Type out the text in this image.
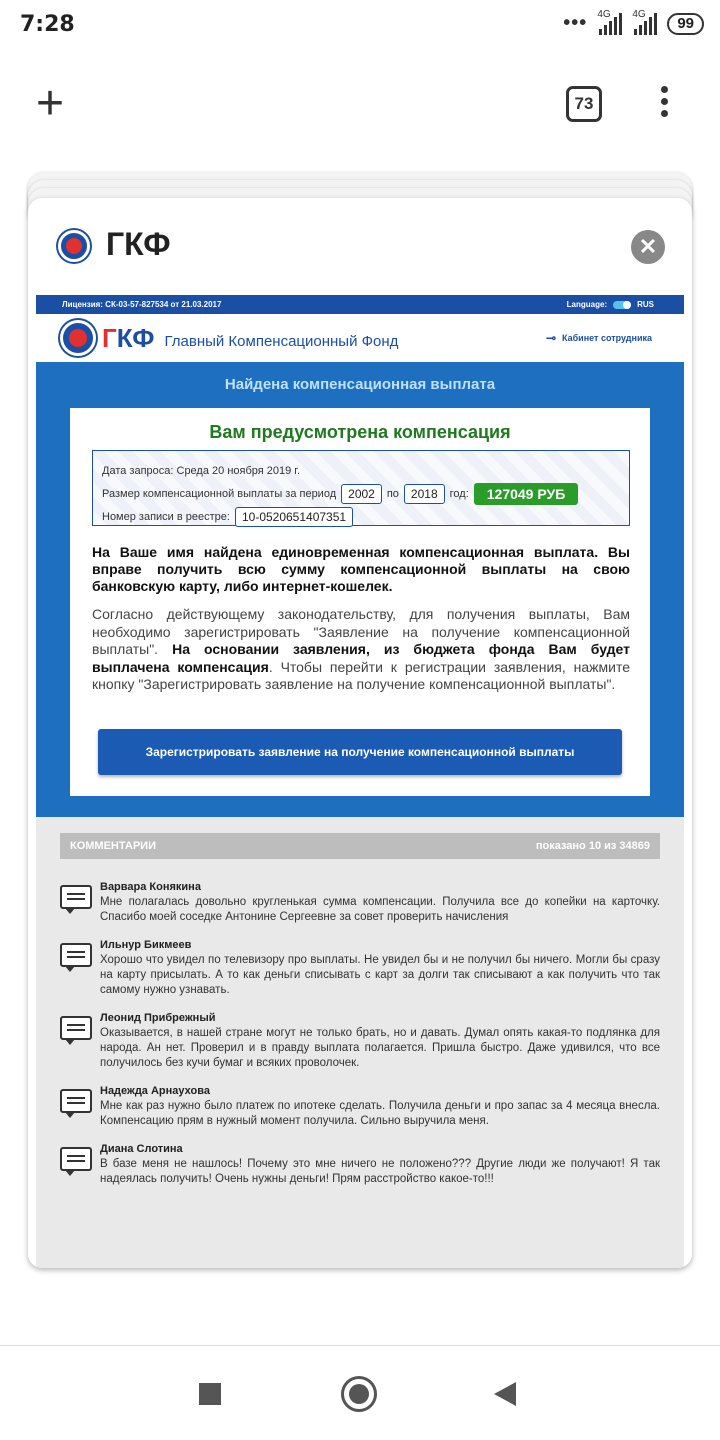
7:28	••• 4G 4G
99
+	73
ГКФ	✕
Лицензия: СК-03-57-827534 от 21.03.2017	Language:	RUS
Г КФ Главный Компенсационный Фонд	⊸ Кабинет сотрудника
Найдена компенсационная выплата
Вам предусмотрена компенсация
Дата запроса: Среда 20 ноября 2019 г.
Размер компенсационной выплаты за период	2002	по	2018	год:	127049 РУБ
Номер записи в реестре:	10-0520651407351
На Ваше имя найдена единовременная компенсационная выплата. Вы вправе получить всю сумму компенсационной выплаты на свою банковскую карту, либо интернет-кошелек.
Согласно действующему законодательству, для получения выплаты, Вам необходимо зарегистрировать "Заявление на получение компенсационной выплаты". На основании заявления, из бюджета фонда Вам будет выплачена компенсация. Чтобы перейти к регистрации заявления, нажмите кнопку "Зарегистрировать заявление на получение компенсационной выплаты".
Зарегистрировать заявление на получение компенсационной выплаты
КОММЕНТАРИИ	показано 10 из 34869
Варвара Конякина
Мне полагалась довольно кругленькая сумма компенсации. Получила все до копейки на карточку. Спасибо моей соседке Антонине Сергеевне за совет проверить начисления
Ильнур Бикмеев
Хорошо что увидел по телевизору про выплаты. Не увидел бы и не получил бы ничего. Могли бы сразу на карту присылать. А то как деньги списывать с карт за долги так списывают а как получить что так самому нужно узнавать.
Леонид Прибрежный
Оказывается, в нашей стране могут не только брать, но и давать. Думал опять какая-то подлянка для народа. Ан нет. Проверил и в правду выплата полагается. Пришла быстро. Даже удивился, что все получилось без кучи бумаг и всяких проволочек.
Надежда Арнаухова
Мне как раз нужно было платеж по ипотеке сделать. Получила деньги и про запас за 4 месяца внесла. Компенсацию прям в нужный момент получила. Сильно выручила меня.
Диана Слотина
В базе меня не нашлось! Почему это мне ничего не положено??? Другие люди же получают! Я так надеялась получить! Очень нужны деньги! Прям расстройство какое-то!!!
